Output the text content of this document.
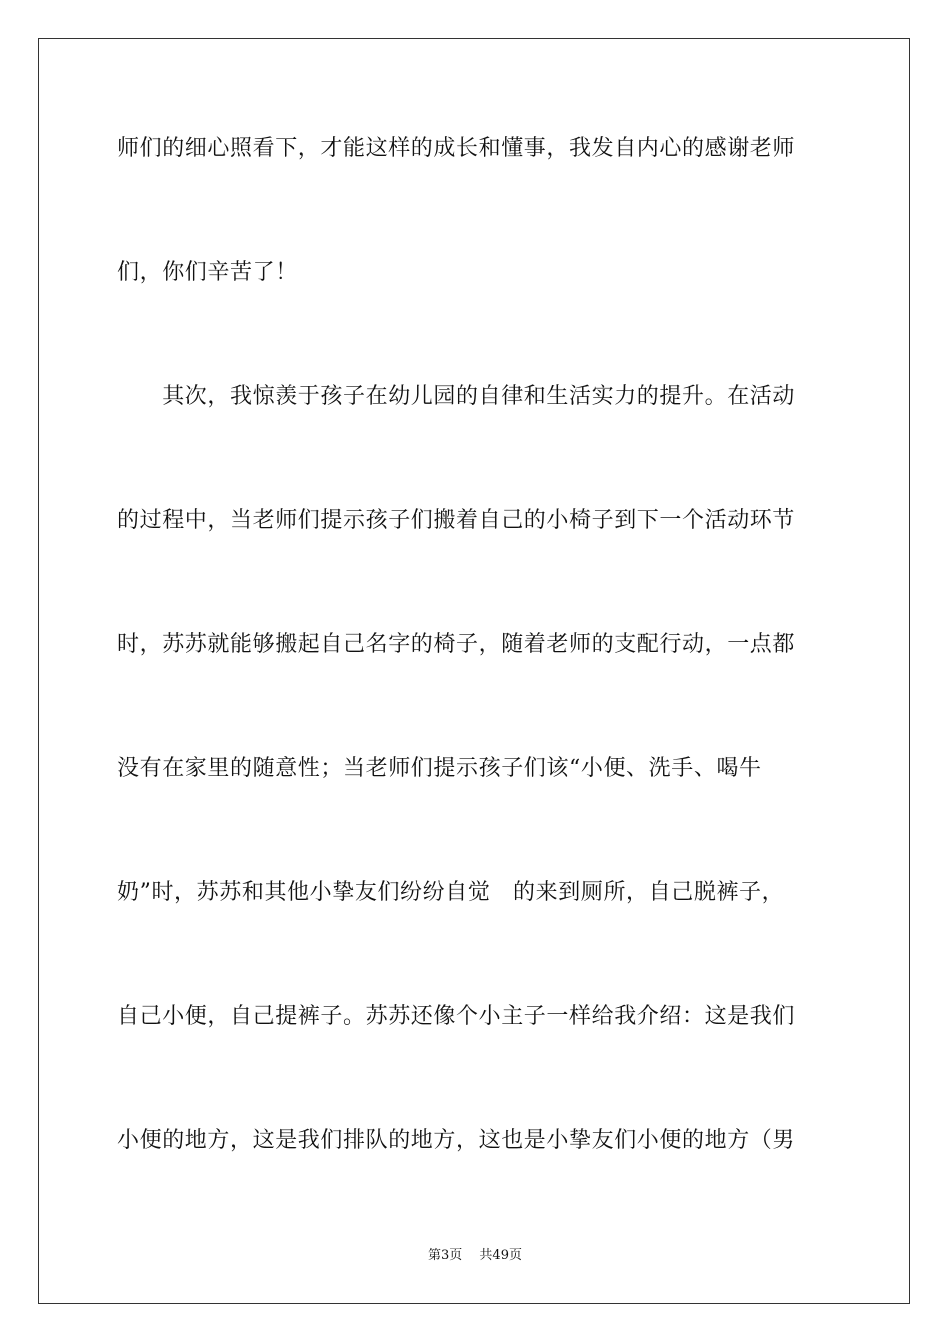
师们的细心照看下，才能这样的成长和懂事，我发自内心的感谢老师
们，你们辛苦了！
　　其次，我惊羡于孩子在幼儿园的自律和生活实力的提升。在活动
的过程中，当老师们提示孩子们搬着自己的小椅子到下一个活动环节
时，苏苏就能够搬起自己名字的椅子，随着老师的支配行动，一点都
没有在家里的随意性；当老师们提示孩子们该“小便、洗手、喝牛
奶”时，苏苏和其他小挚友们纷纷自觉　的来到厕所，自己脱裤子，
自己小便，自己提裤子。苏苏还像个小主子一样给我介绍：这是我们
小便的地方，这是我们排队的地方，这也是小挚友们小便的地方（男
第3页　 共49页
